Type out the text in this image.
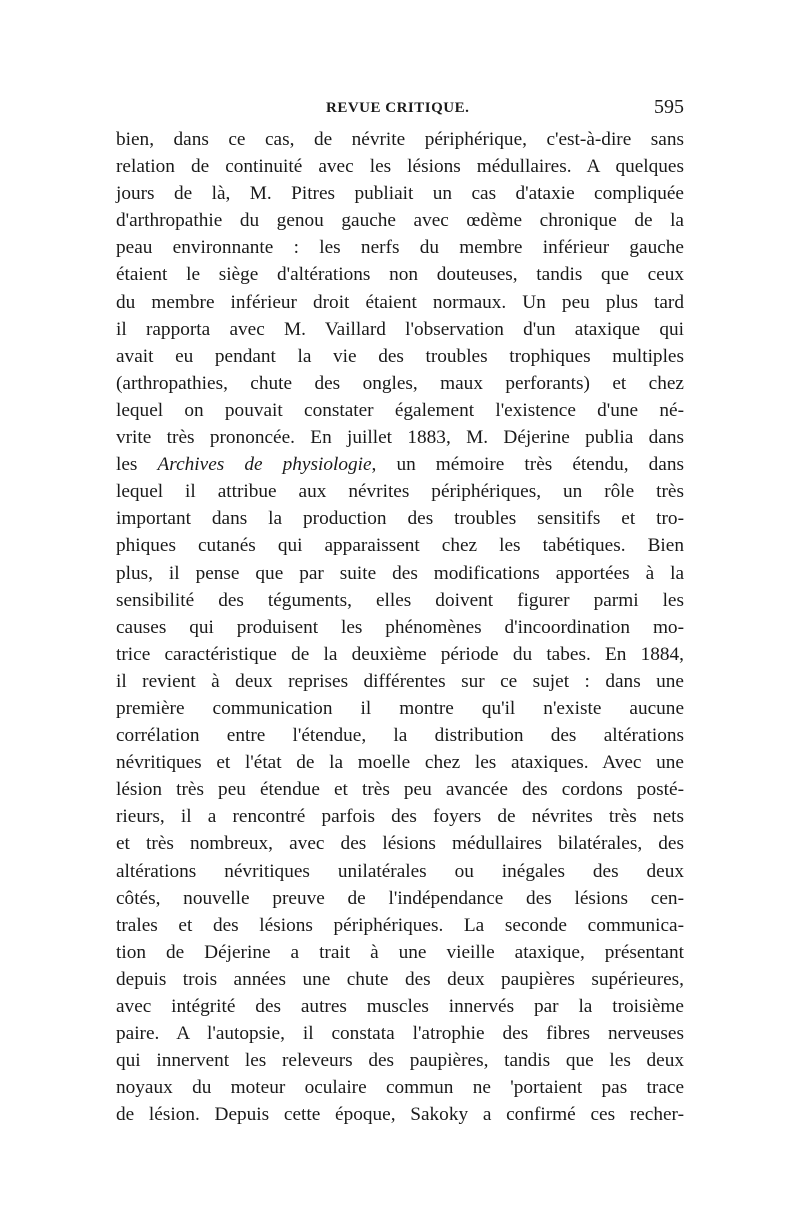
REVUE CRITIQUE.	595
bien, dans ce cas, de névrite périphérique, c'est-à-dire sans
relation de continuité avec les lésions médullaires. A quelques
jours de là, M. Pitres publiait un cas d'ataxie compliquée
d'arthropathie du genou gauche avec œdème chronique de la
peau environnante : les nerfs du membre inférieur gauche
étaient le siège d'altérations non douteuses, tandis que ceux
du membre inférieur droit étaient normaux. Un peu plus tard
il rapporta avec M. Vaillard l'observation d'un ataxique qui
avait eu pendant la vie des troubles trophiques multiples
(arthropathies, chute des ongles, maux perforants) et chez
lequel on pouvait constater également l'existence d'une né-
vrite très prononcée. En juillet 1883, M. Déjerine publia dans
les Archives de physiologie, un mémoire très étendu, dans
lequel il attribue aux névrites périphériques, un rôle très
important dans la production des troubles sensitifs et tro-
phiques cutanés qui apparaissent chez les tabétiques. Bien
plus, il pense que par suite des modifications apportées à la
sensibilité des téguments, elles doivent figurer parmi les
causes qui produisent les phénomènes d'incoordination mo-
trice caractéristique de la deuxième période du tabes. En 1884,
il revient à deux reprises différentes sur ce sujet : dans une
première communication il montre qu'il n'existe aucune
corrélation entre l'étendue, la distribution des altérations
névritiques et l'état de la moelle chez les ataxiques. Avec une
lésion très peu étendue et très peu avancée des cordons posté-
rieurs, il a rencontré parfois des foyers de névrites très nets
et très nombreux, avec des lésions médullaires bilatérales, des
altérations névritiques unilatérales ou inégales des deux
côtés, nouvelle preuve de l'indépendance des lésions cen-
trales et des lésions périphériques. La seconde communica-
tion de Déjerine a trait à une vieille ataxique, présentant
depuis trois années une chute des deux paupières supérieures,
avec intégrité des autres muscles innervés par la troisième
paire. A l'autopsie, il constata l'atrophie des fibres nerveuses
qui innervent les releveurs des paupières, tandis que les deux
noyaux du moteur oculaire commun ne 'portaient pas trace
de lésion. Depuis cette époque, Sakoky a confirmé ces recher-
